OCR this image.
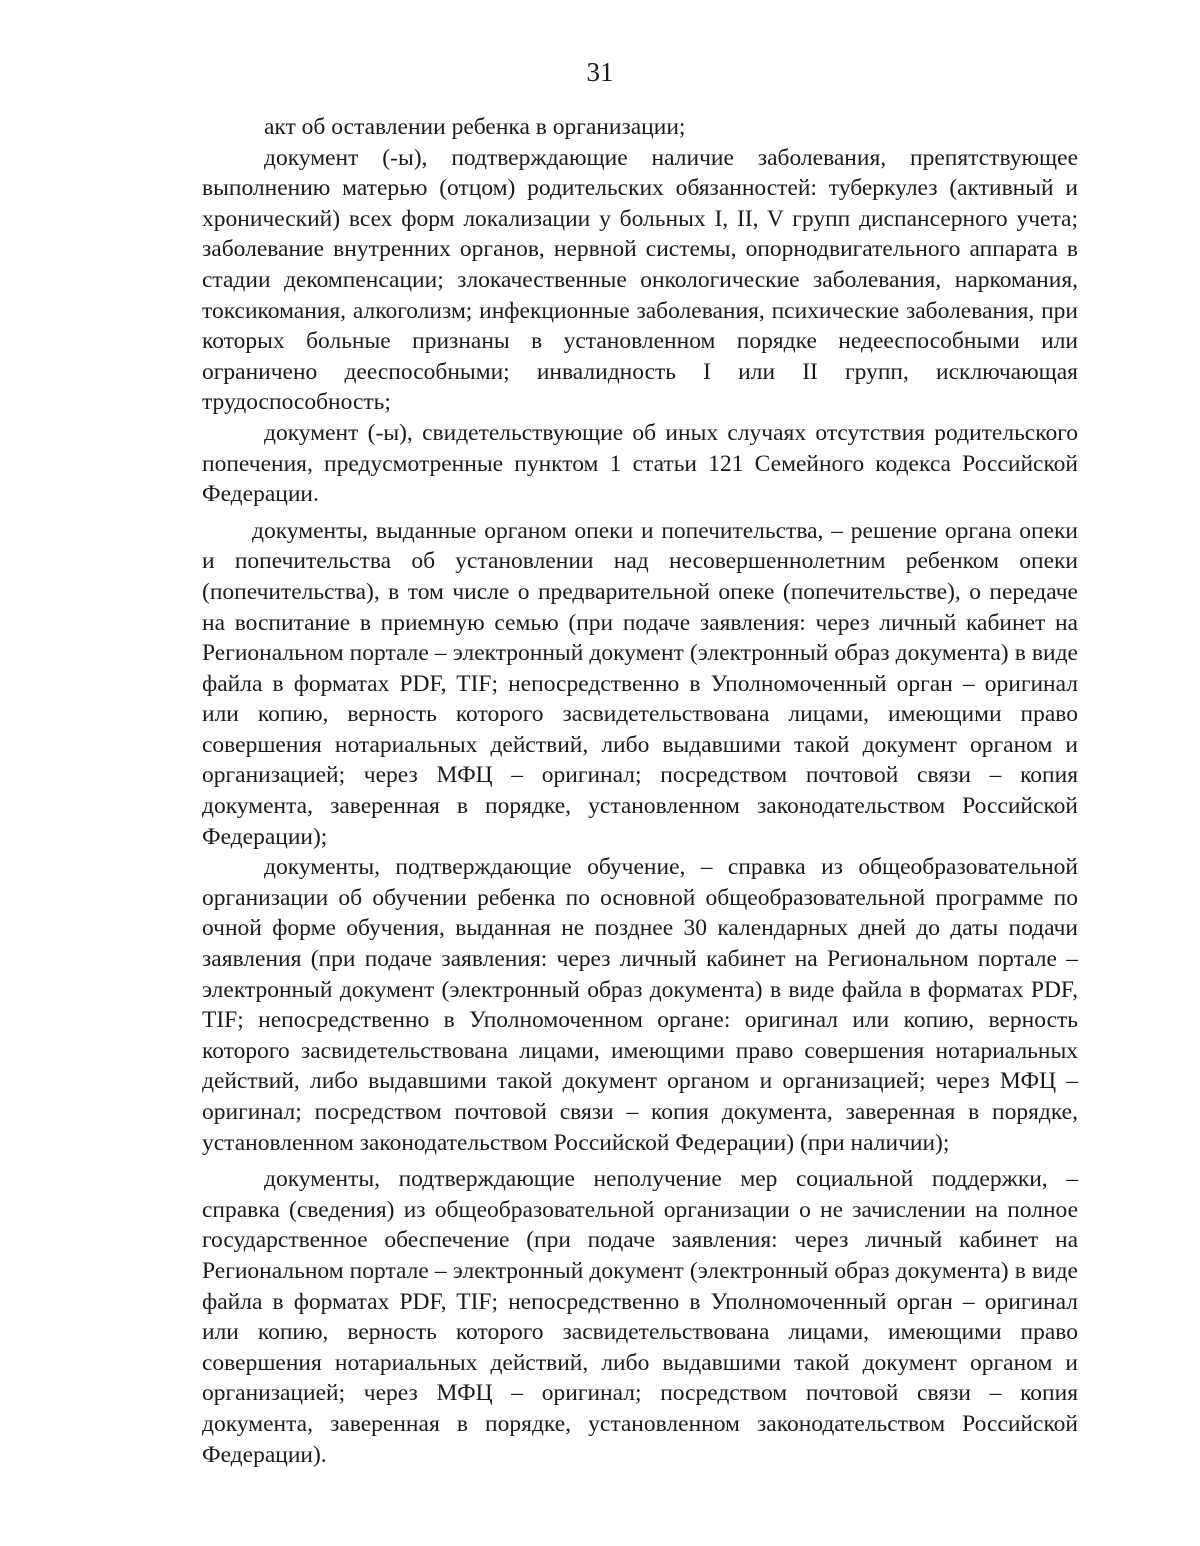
31

акт об оставлении ребенка в организации;

документ (-ы), подтверждающие наличие заболевания, препятствующее выполнению матерью (отцом) родительских обязанностей: туберкулез (активный и хронический) всех форм локализации у больных I, II, V групп диспансерного учета; заболевание внутренних органов, нервной системы, опорнодвигательного аппарата в стадии декомпенсации; злокачественные онкологические заболевания, наркомания, токсикомания, алкоголизм; инфекционные заболевания, психические заболевания, при которых больные признаны в установленном порядке недееспособными или ограничено дееспособными; инвалидность I или II групп, исключающая трудоспособность;

документ (-ы), свидетельствующие об иных случаях отсутствия родительского попечения, предусмотренные пунктом 1 статьи 121 Семейного кодекса Российской Федерации.

документы, выданные органом опеки и попечительства, – решение органа опеки и попечительства об установлении над несовершеннолетним ребенком опеки (попечительства), в том числе о предварительной опеке (попечительстве), о передаче на воспитание в приемную семью (при подаче заявления: через личный кабинет на Региональном портале – электронный документ (электронный образ документа) в виде файла в форматах PDF, TIF; непосредственно в Уполномоченный орган – оригинал или копию, верность которого засвидетельствована лицами, имеющими право совершения нотариальных действий, либо выдавшими такой документ органом и организацией; через МФЦ – оригинал; посредством почтовой связи – копия документа, заверенная в порядке, установленном законодательством Российской Федерации);

документы, подтверждающие обучение, – справка из общеобразовательной организации об обучении ребенка по основной общеобразовательной программе по очной форме обучения, выданная не позднее 30 календарных дней до даты подачи заявления (при подаче заявления: через личный кабинет на Региональном портале – электронный документ (электронный образ документа) в виде файла в форматах PDF, TIF; непосредственно в Уполномоченном органе: оригинал или копию, верность которого засвидетельствована лицами, имеющими право совершения нотариальных действий, либо выдавшими такой документ органом и организацией; через МФЦ – оригинал; посредством почтовой связи – копия документа, заверенная в порядке, установленном законодательством Российской Федерации) (при наличии);

документы, подтверждающие неполучение мер социальной поддержки, – справка (сведения) из общеобразовательной организации о не зачислении на полное государственное обеспечение (при подаче заявления: через личный кабинет на Региональном портале – электронный документ (электронный образ документа) в виде файла в форматах PDF, TIF; непосредственно в Уполномоченный орган – оригинал или копию, верность которого засвидетельствована лицами, имеющими право совершения нотариальных действий, либо выдавшими такой документ органом и организацией; через МФЦ – оригинал; посредством почтовой связи – копия документа, заверенная в порядке, установленном законодательством Российской Федерации).
